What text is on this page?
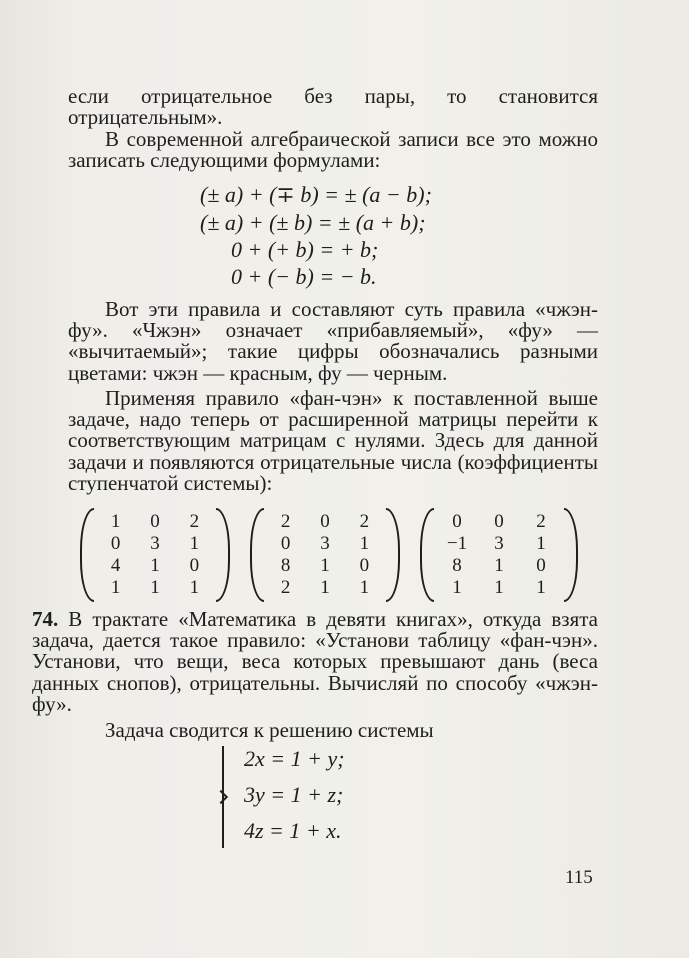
если отрицательное без пары, то становится отрицательным».
В современной алгебраической записи все это можно записать следующими формулами:
(± a) + (∓ b) = ± (a − b);
(± a) + (± b) = ± (a + b);
0 + (+ b) = + b;
0 + (− b) = − b.
Вот эти правила и составляют суть правила «чжэн-фу». «Чжэн» означает «прибавляемый», «фу» — «вычитаемый»; такие цифры обозначались разными цветами: чжэн — красным, фу — черным.
Применяя правило «фан-чэн» к поставленной выше задаче, надо теперь от расширенной матрицы перейти к соответствующим матрицам с нулями. Здесь для данной задачи и появляются отрицательные числа (коэффициенты ступенчатой системы):
1	0	2
0	3	1
4	1	0
1	1	1
2	0	2
0	3	1
8	1	0
2	1	1
0	0	2
−1	3	1
8	1	0
1	1	1
74. В трактате «Математика в девяти книгах», откуда взята задача, дается такое правило: «Установи таблицу «фан-чэн». Установи, что вещи, веса которых превышают дань (веса данных снопов), отрицательны. Вычисляй по способу «чжэн-фу».
Задача сводится к решению системы
2x = 1 + y;
3y = 1 + z;
4z = 1 + x.
115
